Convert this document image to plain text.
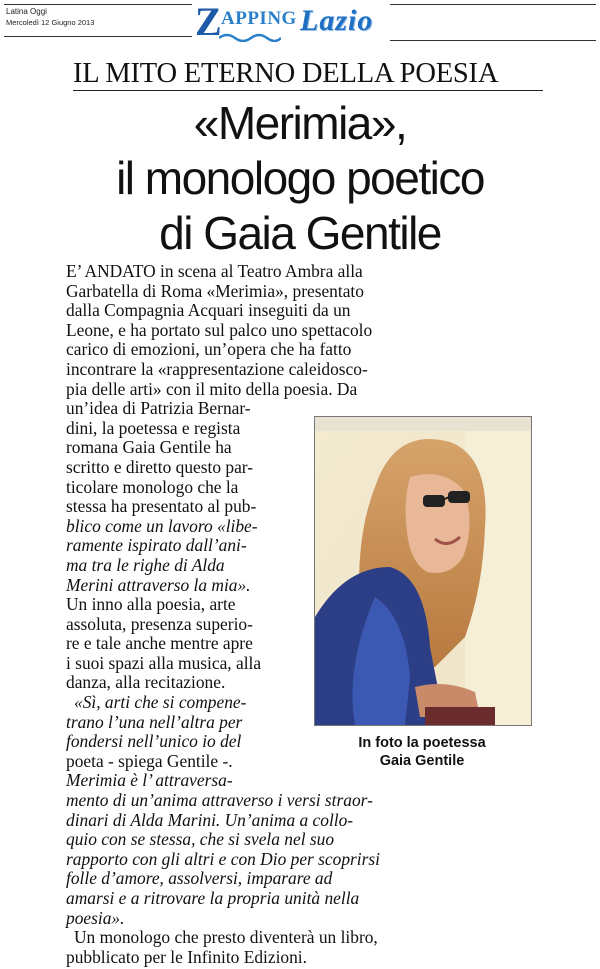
Latina Oggi
Mercoledì 12 Giugno 2013	Z APPING Lazio
IL MITO ETERNO DELLA POESIA
«Merimia»,
il monologo poetico
di Gaia Gentile
E’ ANDATO in scena al Teatro Ambra alla
Garbatella di Roma «Merimia», presentato
dalla Compagnia Acquari inseguiti da un
Leone, e ha portato sul palco uno spettacolo
carico di emozioni, un’opera che ha fatto
incontrare la «rappresentazione caleidosco-
pia delle arti» con il mito della poesia. Da
un’idea di Patrizia Bernar-
dini, la poetessa e regista
romana Gaia Gentile ha
scritto e diretto questo par-
ticolare monologo che la
stessa ha presentato al pub-
blico come un lavoro «libe-
ramente ispirato dall’ani-
ma tra le righe di Alda
Merini attraverso la mia».
Un inno alla poesia, arte
assoluta, presenza superio-
re e tale anche mentre apre
i suoi spazi alla musica, alla
danza, alla recitazione.
«Sì, arti che si compene-
trano l’una nell’altra per
fondersi nell’unico io del
poeta - spiega Gentile -.
Merimia è l’ attraversa-
mento di un’anima attraverso i versi straor-
dinari di Alda Marini. Un’anima a collo-
quio con se stessa, che si svela nel suo
rapporto con gli altri e con Dio per scoprirsi
folle d’amore, assolversi, imparare ad
amarsi e a ritrovare la propria unità nella
poesia».
Un monologo che presto diventerà un libro,
pubblicato per le Infinito Edizioni.
In foto la poetessa
Gaia Gentile
